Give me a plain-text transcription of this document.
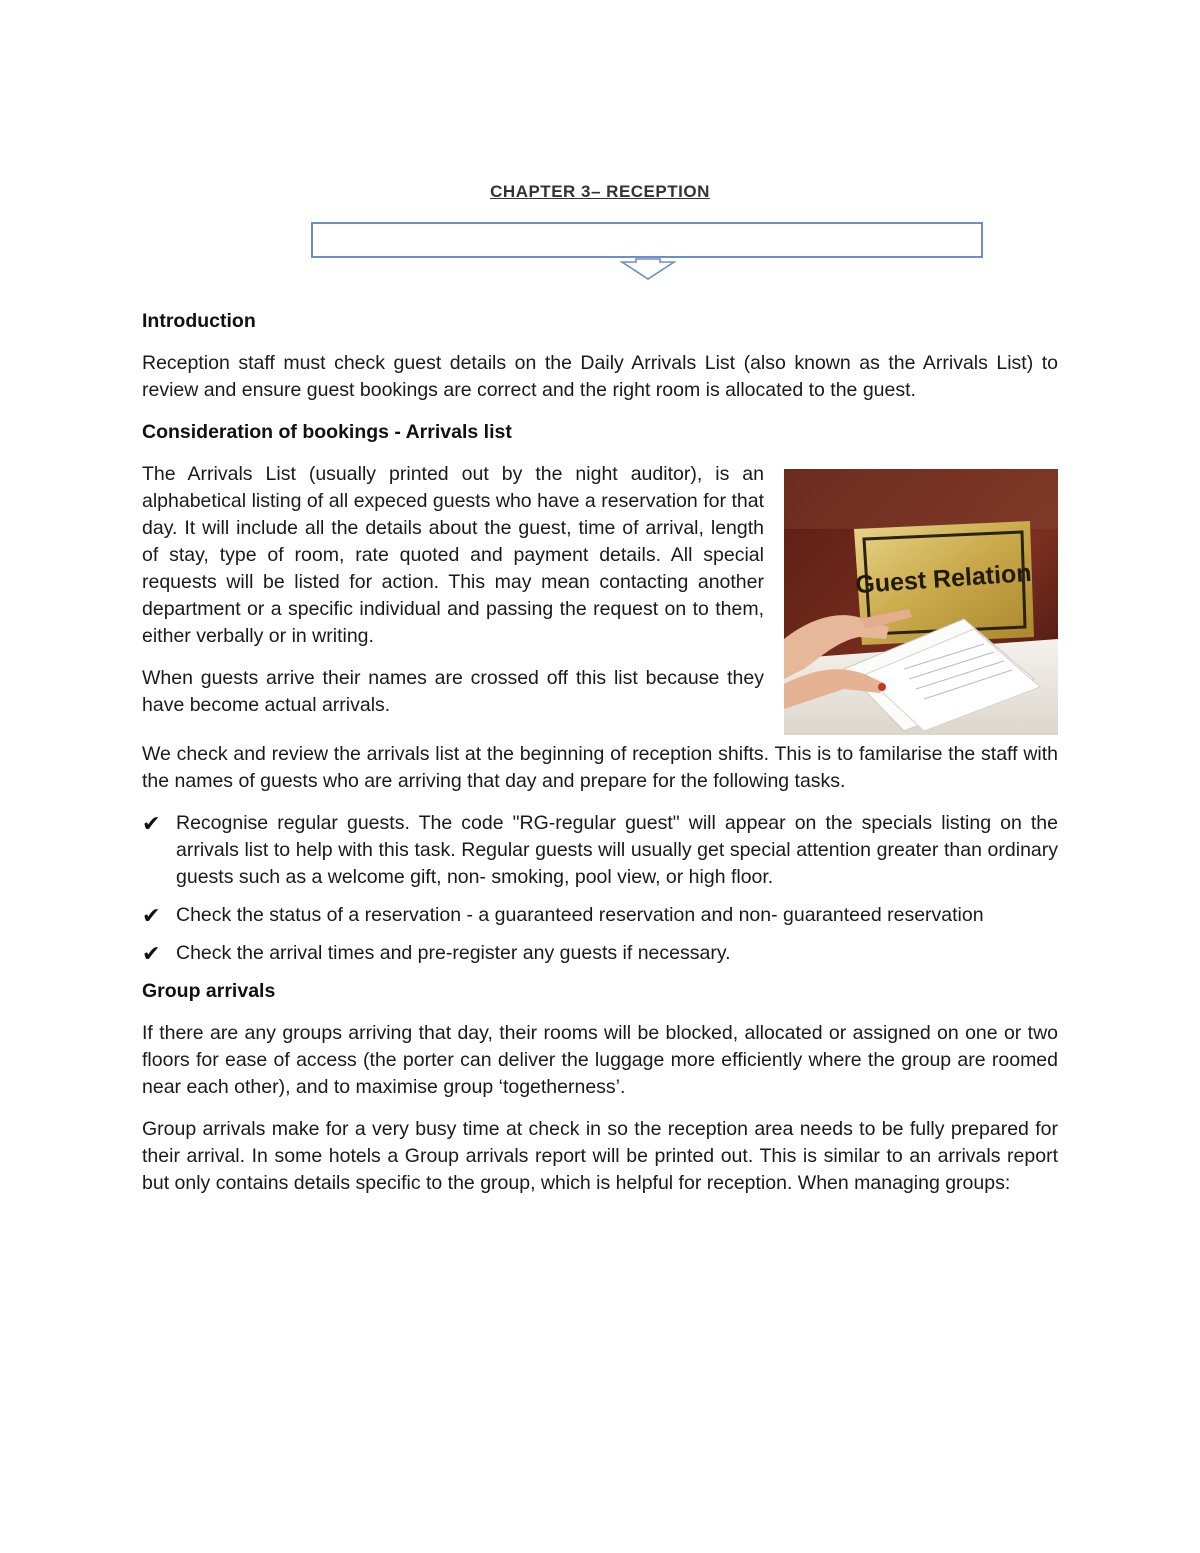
CHAPTER 3– RECEPTION
Introduction

Reception staff must check guest details on the Daily Arrivals List (also known as the Arrivals List) to review and ensure guest bookings are correct and the right room is allocated to the guest.

Consideration of bookings - Arrivals list
Guest Relation

The Arrivals List (usually printed out by the night auditor), is an alphabetical listing of all expeced guests who have a reservation for that day. It will include all the details about the guest, time of arrival, length of stay, type of room, rate quoted and payment details. All special requests will be listed for action. This may mean contacting another department or a specific individual and passing the request on to them, either verbally or in writing.

When guests arrive their names are crossed off this list because they have become actual arrivals.

We check and review the arrivals list at the beginning of reception shifts. This is to familarise the staff with the names of guests who are arriving that day and prepare for the following tasks.

✔ Recognise regular guests. The code "RG-regular guest" will appear on the specials listing on the arrivals list to help with this task. Regular guests will usually get special attention greater than ordinary guests such as a welcome gift, non- smoking, pool view, or high floor.
✔ Check the status of a reservation - a guaranteed reservation and non- guaranteed reservation
✔ Check the arrival times and pre-register any guests if necessary.
Group arrivals

If there are any groups arriving that day, their rooms will be blocked, allocated or assigned on one or two floors for ease of access (the porter can deliver the luggage more efficiently where the group are roomed near each other), and to maximise group ‘togetherness’.

Group arrivals make for a very busy time at check in so the reception area needs to be fully prepared for their arrival. In some hotels a Group arrivals report will be printed out. This is similar to an arrivals report but only contains details specific to the group, which is helpful for reception. When managing groups:
